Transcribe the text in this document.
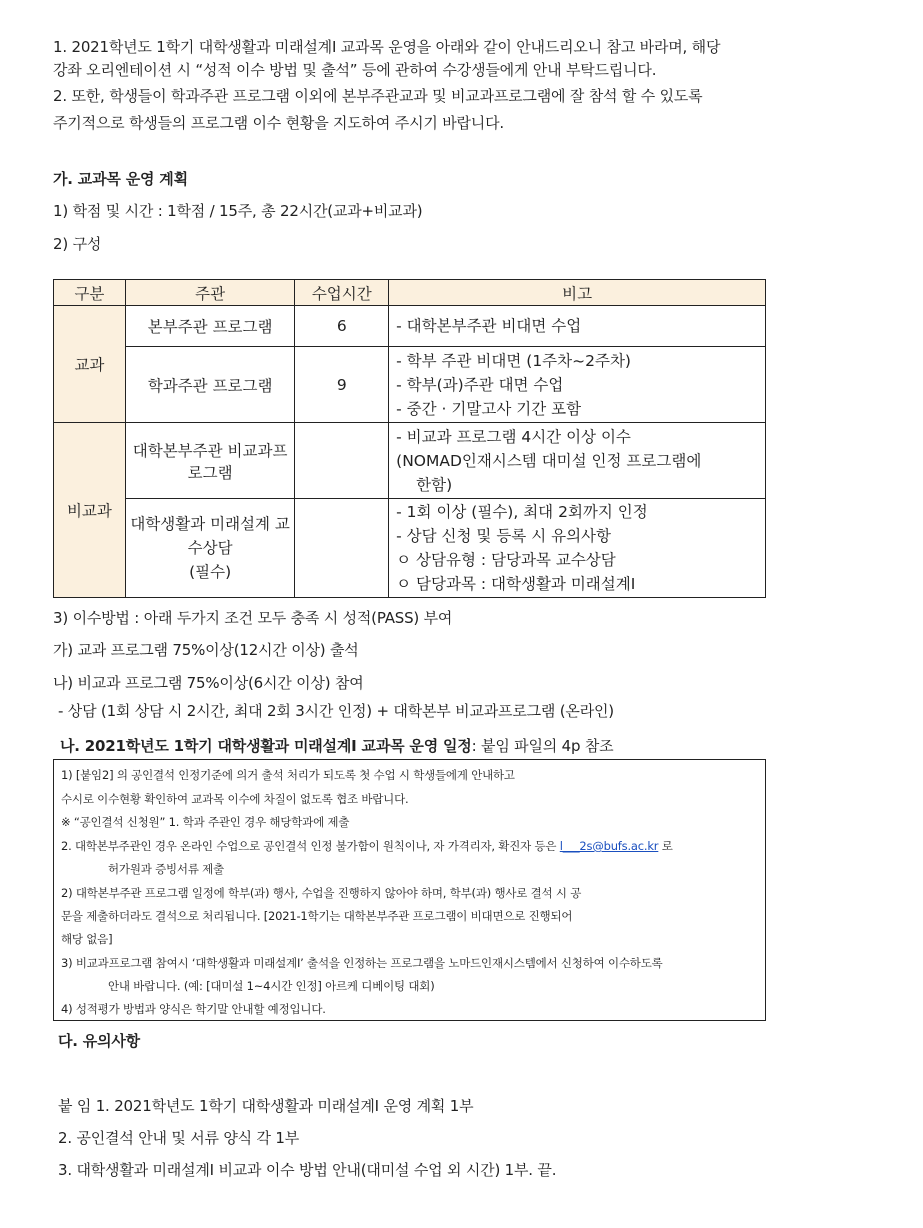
1. 2021학년도 1학기 대학생활과 미래설계Ⅰ 교과목 운영을 아래와 같이 안내드리오니 참고 바라며, 해당
강좌 오리엔테이션 시 “성적 이수 방법 및 출석” 등에 관하여 수강생들에게 안내 부탁드립니다.
2. 또한, 학생들이 학과주관 프로그램 이외에 본부주관교과 및 비교과프로그램에 잘 참석 할 수 있도록
주기적으로 학생들의 프로그램 이수 현황을 지도하여 주시기 바랍니다.
가. 교과목 운영 계획
1) 학점 및 시간 : 1학점 / 15주, 총 22시간(교과+비교과)
2) 구성
구분	주관	수업시간	비고
교과	본부주관 프로그램	6	- 대학본부주관 비대면 수업

	학과주관 프로그램	9	- 학부 주관 비대면 (1주차~2주차)
- 학부(과)주관 대면 수업
- 중간 · 기말고사 기간 포함

비교과	대학본부주관 비교과프로그램		- 비교과 프로그램 4시간 이상 이수
(NOMAD인재시스템 대미설 인정 프로그램에
한함)

	대학생활과 미래설계 교수상담
(필수)		- 1회 이상 (필수), 최대 2회까지 인정
- 상담 신청 및 등록 시 유의사항
ㅇ 상담유형 : 담당과목 교수상담
ㅇ 담당과목 : 대학생활과 미래설계Ⅰ
3) 이수방법 : 아래 두가지 조건 모두 충족 시 성적(PASS) 부여
가) 교과 프로그램 75%이상(12시간 이상) 출석
나) 비교과 프로그램 75%이상(6시간 이상) 참여
- 상담 (1회 상담 시 2시간, 최대 2회 3시간 인정) + 대학본부 비교과프로그램 (온라인)
나. 2021학년도 1학기 대학생활과 미래설계Ⅰ 교과목 운영 일정: 붙임 파일의 4p 참조
1) [붙임2] 의 공인결석 인정기준에 의거 출석 처리가 되도록 첫 수업 시 학생들에게 안내하고
수시로 이수현황 확인하여 교과목 이수에 차질이 없도록 협조 바랍니다.
※ “공인결석 신청원” 1. 학과 주관인 경우 해당학과에 제출
2. 대학본부주관인 경우 온라인 수업으로 공인결석 인정 불가함이 원칙이나, 자 가격리자, 확진자 등은 l___2s@bufs.ac.kr 로
허가원과 증빙서류 제출
2) 대학본부주관 프로그램 일정에 학부(과) 행사, 수업을 진행하지 않아야 하며, 학부(과) 행사로 결석 시 공
문을 제출하더라도 결석으로 처리됩니다. [2021-1학기는 대학본부주관 프로그램이 비대면으로 진행되어
해당 없음]
3) 비교과프로그램 참여시 ‘대학생활과 미래설계Ⅰ’ 출석을 인정하는 프로그램을 노마드인재시스템에서 신청하여 이수하도록
안내 바랍니다. (예: [대미설 1~4시간 인정] 아르케 디베이팅 대회)
4) 성적평가 방법과 양식은 학기말 안내할 예정입니다.
다. 유의사항
붙 임 1. 2021학년도 1학기 대학생활과 미래설계Ⅰ 운영 계획 1부
2. 공인결석 안내 및 서류 양식 각 1부
3. 대학생활과 미래설계Ⅰ 비교과 이수 방법 안내(대미설 수업 외 시간) 1부. 끝.
